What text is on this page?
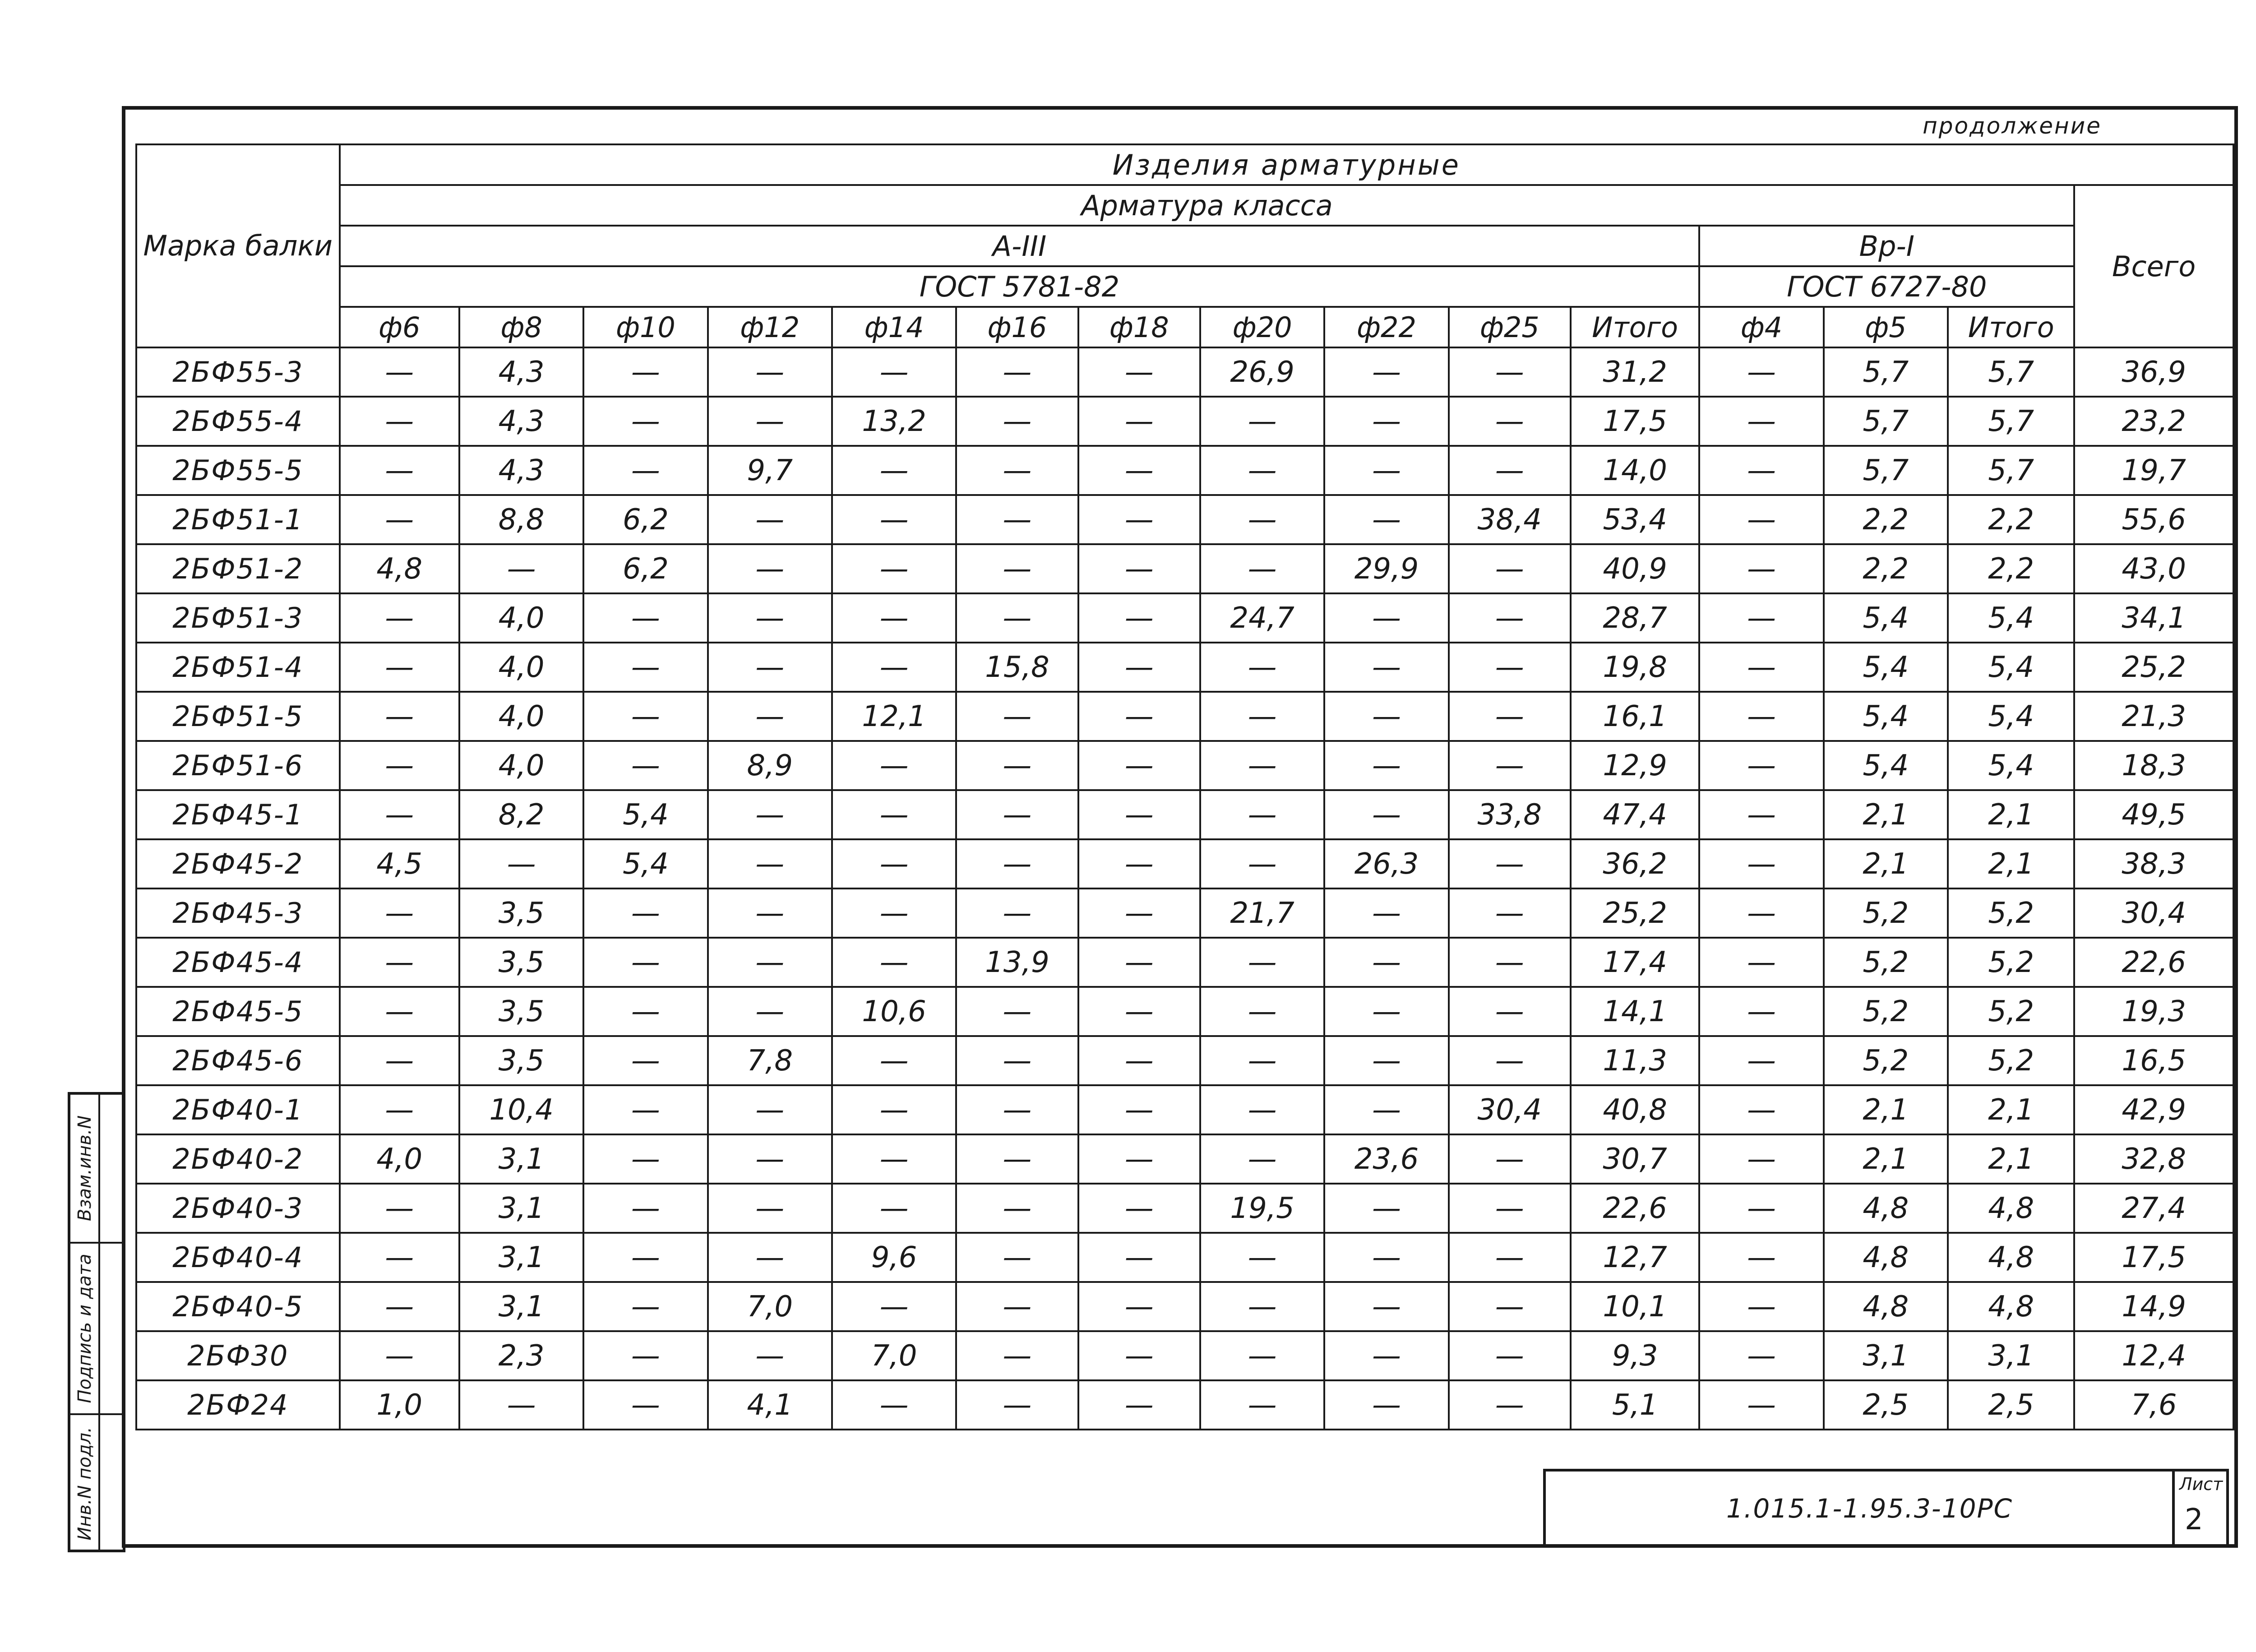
продолжение
Марка балки	Изделия арматурные														
	Арматура класса														Всего
	А-III											Вр-I			
	ГОСТ 5781-82											ГОСТ 6727-80			
	ф6	ф8	ф10	ф12	ф14	ф16	ф18	ф20	ф22	ф25	Итого	ф4	ф5	Итого	
2БФ55-3	—	4,3	—	—	—	—	—	26,9	—	—	31,2	—	5,7	5,7	36,9
2БФ55-4	—	4,3	—	—	13,2	—	—	—	—	—	17,5	—	5,7	5,7	23,2
2БФ55-5	—	4,3	—	9,7	—	—	—	—	—	—	14,0	—	5,7	5,7	19,7
2БФ51-1	—	8,8	6,2	—	—	—	—	—	—	38,4	53,4	—	2,2	2,2	55,6
2БФ51-2	4,8	—	6,2	—	—	—	—	—	29,9	—	40,9	—	2,2	2,2	43,0
2БФ51-3	—	4,0	—	—	—	—	—	24,7	—	—	28,7	—	5,4	5,4	34,1
2БФ51-4	—	4,0	—	—	—	15,8	—	—	—	—	19,8	—	5,4	5,4	25,2
2БФ51-5	—	4,0	—	—	12,1	—	—	—	—	—	16,1	—	5,4	5,4	21,3
2БФ51-6	—	4,0	—	8,9	—	—	—	—	—	—	12,9	—	5,4	5,4	18,3
2БФ45-1	—	8,2	5,4	—	—	—	—	—	—	33,8	47,4	—	2,1	2,1	49,5
2БФ45-2	4,5	—	5,4	—	—	—	—	—	26,3	—	36,2	—	2,1	2,1	38,3
2БФ45-3	—	3,5	—	—	—	—	—	21,7	—	—	25,2	—	5,2	5,2	30,4
2БФ45-4	—	3,5	—	—	—	13,9	—	—	—	—	17,4	—	5,2	5,2	22,6
2БФ45-5	—	3,5	—	—	10,6	—	—	—	—	—	14,1	—	5,2	5,2	19,3
2БФ45-6	—	3,5	—	7,8	—	—	—	—	—	—	11,3	—	5,2	5,2	16,5
2БФ40-1	—	10,4	—	—	—	—	—	—	—	30,4	40,8	—	2,1	2,1	42,9
2БФ40-2	4,0	3,1	—	—	—	—	—	—	23,6	—	30,7	—	2,1	2,1	32,8
2БФ40-3	—	3,1	—	—	—	—	—	19,5	—	—	22,6	—	4,8	4,8	27,4
2БФ40-4	—	3,1	—	—	9,6	—	—	—	—	—	12,7	—	4,8	4,8	17,5
2БФ40-5	—	3,1	—	7,0	—	—	—	—	—	—	10,1	—	4,8	4,8	14,9
2БФ30	—	2,3	—	—	7,0	—	—	—	—	—	9,3	—	3,1	3,1	12,4
2БФ24	1,0	—	—	4,1	—	—	—	—	—	—	5,1	—	2,5	2,5	7,6
Взам.инв.N
Подпись и дата
Инв.N подл.	1.015.1-1.95.3-10РС
Лист
2
